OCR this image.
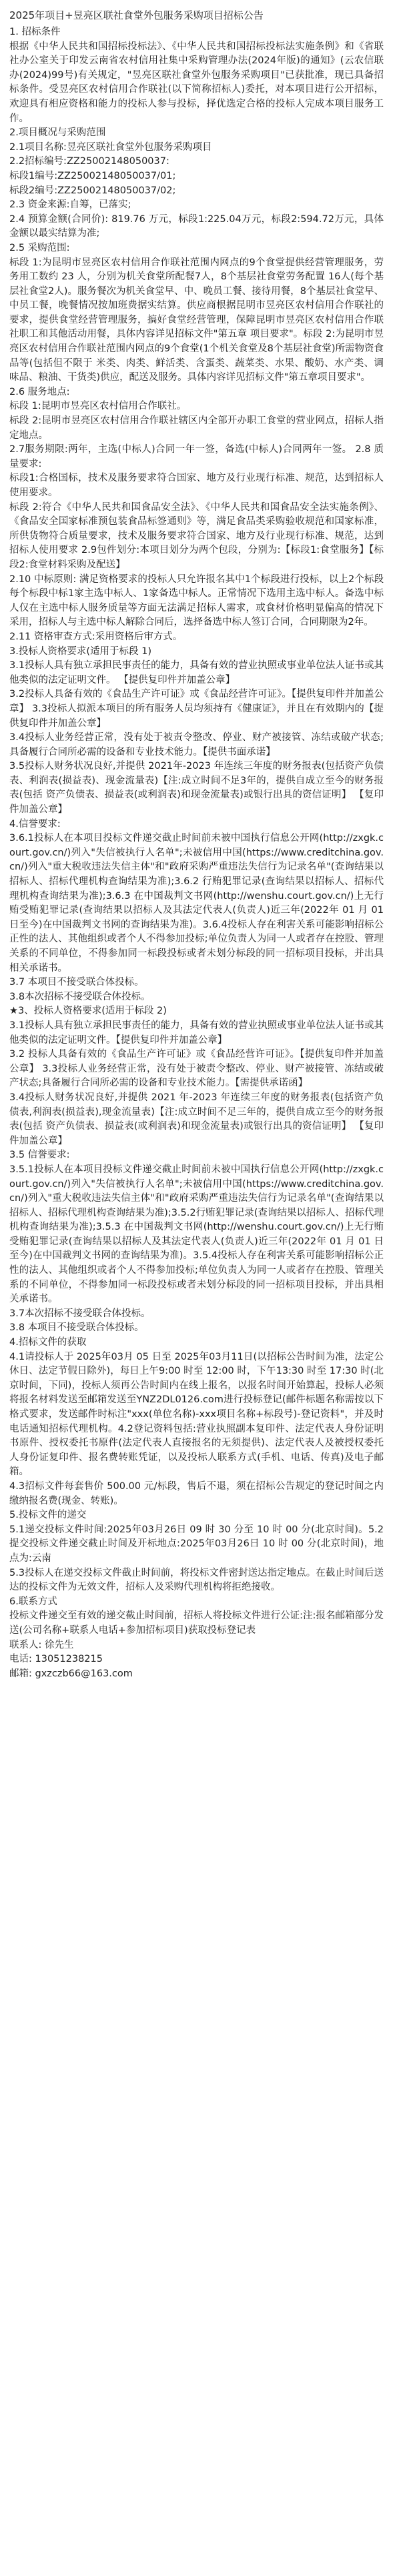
2025年项目+昱亮区联社食堂外包服务采购项目招标公告

1. 招标条件

根据《中华人民共和国招标投标法》、《中华人民共和国招标投标法实施条例》和《省联社办公室关于印发云南省农村信用社集中采购管理办法(2024年版)的通知》(云农信联办(2024)99号)有关规定，"昱亮区联社食堂外包服务采购项目"已获批准，现已具备招标条件。受昱亮区农村信用合作联社(以下简称招标人)委托，对本项目进行公开招标，欢迎具有相应资格和能力的投标人参与投标，择优选定合格的投标人完成本项目服务工作。

2.项目概况与采购范围

2.1项目名称:昱亮区联社食堂外包服务采购项目

2.2招标编号:ZZ25002148050037:

标段1编号:ZZ25002148050037/01;

标段2编号:ZZ25002148050037/02;

2.3 资金来源:自筹，已落实;

2.4 预算金额(合同价): 819.76 万元，标段1:225.04万元，标段2:594.72万元，具体金额以最实结算为准;

2.5 采购范围:

标段 1:为昆明市昱亮区农村信用合作联社范围内网点的9个食堂提供经营管理服务，劳务用工数约 23 人，分别为机关食堂所配餐7人，8个基层社食堂劳务配置 16人(每个基层社食堂2人)。服务餐次为机关食堂早、中、晚员工餐、接待用餐，8个基层社食堂早、中员工餐，晚餐情况按加班费据实结算。供应商根据昆明市昱亮区农村信用合作联社的要求，提供食堂经营管理服务，搞好食堂经营管理，保障昆明市昱亮区农村信用合作联社职工和其他活动用餐，具体内容详见招标文件"第五章 项目要求"。标段 2:为昆明市昱亮区农村信用合作联社范围内网点的9个食堂(1个机关食堂及8个基层社食堂)所需物资食品等(包括但不限于 米类、肉类、鲜活类、含蛋类、蔬菜类、水果、酸奶、水产类、调味品、粮油、干货类)供应，配送及服务。具体内容详见招标文件"第五章项目要求"。

2.6 服务地点:

标段 1:昆明市昱亮区农村信用合作联社。

标段 2:昆明市昱亮区农村信用合作联社辖区内全部开办职工食堂的营业网点，招标人指定地点。

2.7服务期限:两年，主选(中标人)合同一年一签，备选(中标人)合同两年一签。 2.8 质量要求:

标段1:合格国标，技术及服务要求符合国家、地方及行业现行标准、规范，达到招标人使用要求。

标段 2:符合《中华人民共和国食品安全法》、《中华人民共和国食品安全法实施条例》、《食品安全国家标准预包装食品标签通则》等，满足食品类采购验收规范和国家标准，所供货物符合质量要求，技术及服务要求符合国家、地方及行业现行标准、规范，达到招标人使用要求 2.9包件划分:本项目划分为两个包段，分别为:【标段1:食堂服务】【标段2:食堂材料采购及配送】

2.10 中标原则: 满足资格要求的投标人只允许报名其中1个标段进行投标，以上2个标段每个标段中标1家主选中标人、1家备选中标人。正常情况下选用主选中标人。备选中标人仅在主选中标人服务质量等方面无法满足招标人需求，或食材价格明显偏高的情况下采用，招标人与主选中标人解除合同后，选择备选中标人签订合同，合同期限为2年。

2.11 资格审查方式:采用资格后审方式。

3.投标人资格要求(适用于标段 1)

3.1投标人具有独立承担民事责任的能力，具备有效的营业执照或事业单位法人证书或其他类似的法定证明文件。 【提供复印件并加盖公章】

3.2投标人具备有效的《食品生产许可证》或《食品经营许可证》。【提供复印件并加盖公章】 3.3投标人拟派本项目的所有服务人员均须持有《健康证》，并且在有效期内的【提供复印件并加盖公章】

3.4投标人业务经营正常，没有处于被责令整改、停业、财产被接管、冻结或破产状态;具备履行合同所必需的设备和专业技术能力。【提供书面承诺】

3.5投标人财务状况良好,并提供 2021年-2023 年连续三年度的财务报表(包括资产负债表、利润表(损益表)、现金流量表)【注:成立时间不足3年的，提供自成立至今的财务报表(包括 资产负债表、损益表(或利润表)和现金流量表)或银行出具的资信证明】 【复印件加盖公章】

4.信誉要求:

3.6.1投标人在本项目投标文件递交截止时间前未被中国执行信息公开网(http://zxgk.court.gov.cn/)列入"失信被执行人名单";未被信用中国(https://www.creditchina.gov.cn/)列入"重大税收违法失信主体"和"政府采购严重违法失信行为记录名单"(查询结果以招标人、招标代理机构查询结果为准);3.6.2 行贿犯罪记录(查询结果以招标人、招标代理机构查询结果为准);3.6.3 在中国裁判文书网(http://wenshu.court.gov.cn/)上无行贿受贿犯罪记录(查询结果以招标人及其法定代表人(负责人)近三年(2022年 01 月 01 日至今)在中国裁判文书网的查询结果为准)。3.6.4投标人存在利害关系可能影响招标公正性的法人、其他组织或者个人不得参加投标;单位负责人为同一人或者存在控股、管理关系的不同单位，不得参加同一标段投标或者未划分标段的同一招标项目投标，并出具相关承诺书。

3.7 本项目不接受联合体投标。

3.8本次招标不接受联合体投标。

★3、投标人资格要求(适用于标段 2)

3.1投标人具有独立承担民事责任的能力，具备有效的营业执照或事业单位法人证书或其他类似的法定证明文件。【提供复印件并加盖公章】

3.2 投标人具备有效的《食品生产许可证》或《食品经营许可证》。【提供复印件并加盖公章】 3.3投标人业务经营正常，没有处于被责令整改、停业、财产被接管、冻结或破产状态;具备履行合同所必需的设备和专业技术能力。【需提供承诺函】

3.4投标人财务状况良好,并提供 2021 年-2023 年连续三年度的财务报表(包括资产负债表,利润表(损益表),现金流量表)【注:成立时间不足三年的，提供自成立至今的财务报表(包括 资产负债表、损益表(或利润表)和现金流量表)或银行出具的资信证明】 【复印件加盖公章】

3.5 信誉要求:

3.5.1投标人在本项目投标文件递交截止时间前未被中国执行信息公开网(http://zxgk.court.gov.cn/)列入"失信被执行人名单";未被信用中国(https://www.creditchina.gov.cn/)列入"重大税收违法失信主体"和"政府采购严重违法失信行为记录名单"(查询结果以招标人、招标代理机构查询结果为准);3.5.2行贿犯罪记录(查询结果以招标人、招标代理机构查询结果为准);3.5.3 在中国裁判文书网(http://wenshu.court.gov.cn/)上无行贿受贿犯罪记录(查询结果以招标人及其法定代表人(负责人)近三年(2022年 01 月 01 日至今)在中国裁判文书网的查询结果为准)。3.5.4投标人存在利害关系可能影响招标公正性的法人、其他组织或者个人不得参加投标;单位负责人为同一人或者存在控股、管理关系的不同单位，不得参加同一标段投标或者未划分标段的同一招标项目投标，并出具相关承诺书。

3.7本次招标不接受联合体投标。

3.8 本项目不接受联合体投标。

4.招标文件的获取

4.1请投标人于 2025年03月 05 日至 2025年03月11日(以招标公告时间为准，法定公休日、法定节假日除外)，每日上午9:00 时至 12:00 时，下午13:30 时至 17:30 时(北京时间，下同)，投标人须再公告时间内在线上报名，以报名时间开始算起，投标人必须将报名材料发送至邮箱发送至YNZ2DL0126.com进行投标登记(邮件标题名称需按以下格式要求，发送邮件时标注"xxx(单位名称)-xxx项目名称+标段号)-登记资料"，并及时电话通知招标代理机构。4.2登记资料包括:营业执照副本复印件、法定代表人身份证明书原件、授权委托书原件(法定代表人直接报名的无须提供)、法定代表人及被授权委托人身份证复印件、报名费转账凭证，以及投标人联系方式(手机、电话、传真)及电子邮箱。

4.3招标文件每套售价 500.00 元/标段，售后不退，须在招标公告规定的登记时间之内缴纳报名费(现金、转账)。

5.投标文件的递交

5.1递交投标文件时间:2025年03月26日 09 时 30 分至 10 时 00 分(北京时间)。5.2 提交投标文件递交截止时间及开标地点:2025年03月26日 10 时 00 分(北京时间)，地点为:云南

5.3投标人在递交投标文件截止时间前，将投标文件密封送达指定地点。在截止时间后送达的投标文件为无效文件，招标人及采购代理机构将拒绝接收。

6.联系方式

投标文件递交至有效的递交截止时间前，招标人将投标文件进行公证:注:报名邮箱部分发送(公司名称+联系人电话+参加招标项目)获取投标登记表

联系人: 徐先生

电话: 13051238215

邮箱: gxzczb66@163.com
